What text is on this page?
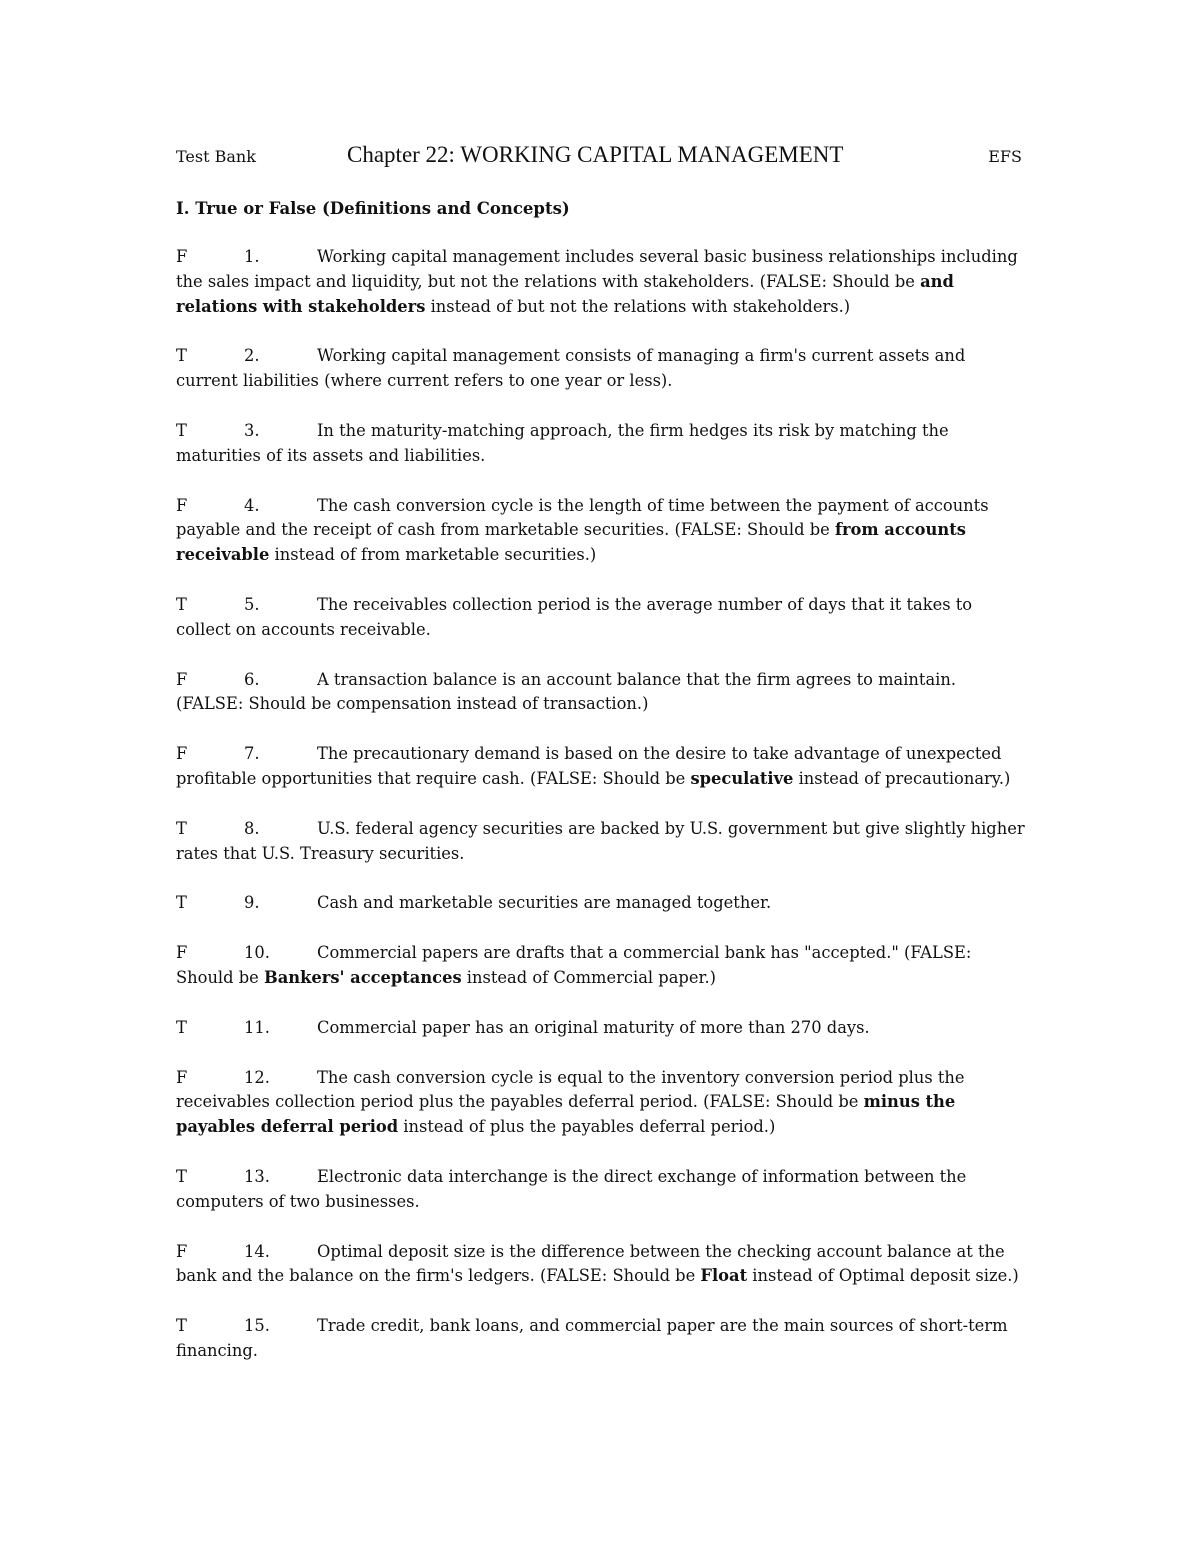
Test Bank	Chapter 22: WORKING CAPITAL MANAGEMENT	EFS
I. True or False (Definitions and Concepts)
F	1.	Working capital management includes several basic business relationships including the sales impact and liquidity, but not the relations with stakeholders. (FALSE: Should be and relations with stakeholders instead of but not the relations with stakeholders.)
T	2.	Working capital management consists of managing a firm's current assets and current liabilities (where current refers to one year or less).
T	3.	In the maturity-matching approach, the firm hedges its risk by matching the maturities of its assets and liabilities.
F	4.	The cash conversion cycle is the length of time between the payment of accounts payable and the receipt of cash from marketable securities. (FALSE: Should be from accounts receivable instead of from marketable securities.)
T	5.	The receivables collection period is the average number of days that it takes to collect on accounts receivable.
F	6.	A transaction balance is an account balance that the firm agrees to maintain. (FALSE: Should be compensation instead of transaction.)
F	7.	The precautionary demand is based on the desire to take advantage of unexpected profitable opportunities that require cash. (FALSE: Should be speculative instead of precautionary.)
T	8.	U.S. federal agency securities are backed by U.S. government but give slightly higher rates that U.S. Treasury securities.
T	9.	Cash and marketable securities are managed together.
F	10.	Commercial papers are drafts that a commercial bank has "accepted." (FALSE: Should be Bankers' acceptances instead of Commercial paper.)
T	11.	Commercial paper has an original maturity of more than 270 days.
F	12.	The cash conversion cycle is equal to the inventory conversion period plus the receivables collection period plus the payables deferral period. (FALSE: Should be minus the payables deferral period instead of plus the payables deferral period.)
T	13.	Electronic data interchange is the direct exchange of information between the computers of two businesses.
F	14.	Optimal deposit size is the difference between the checking account balance at the bank and the balance on the firm's ledgers. (FALSE: Should be Float instead of Optimal deposit size.)
T	15.	Trade credit, bank loans, and commercial paper are the main sources of short-term financing.
